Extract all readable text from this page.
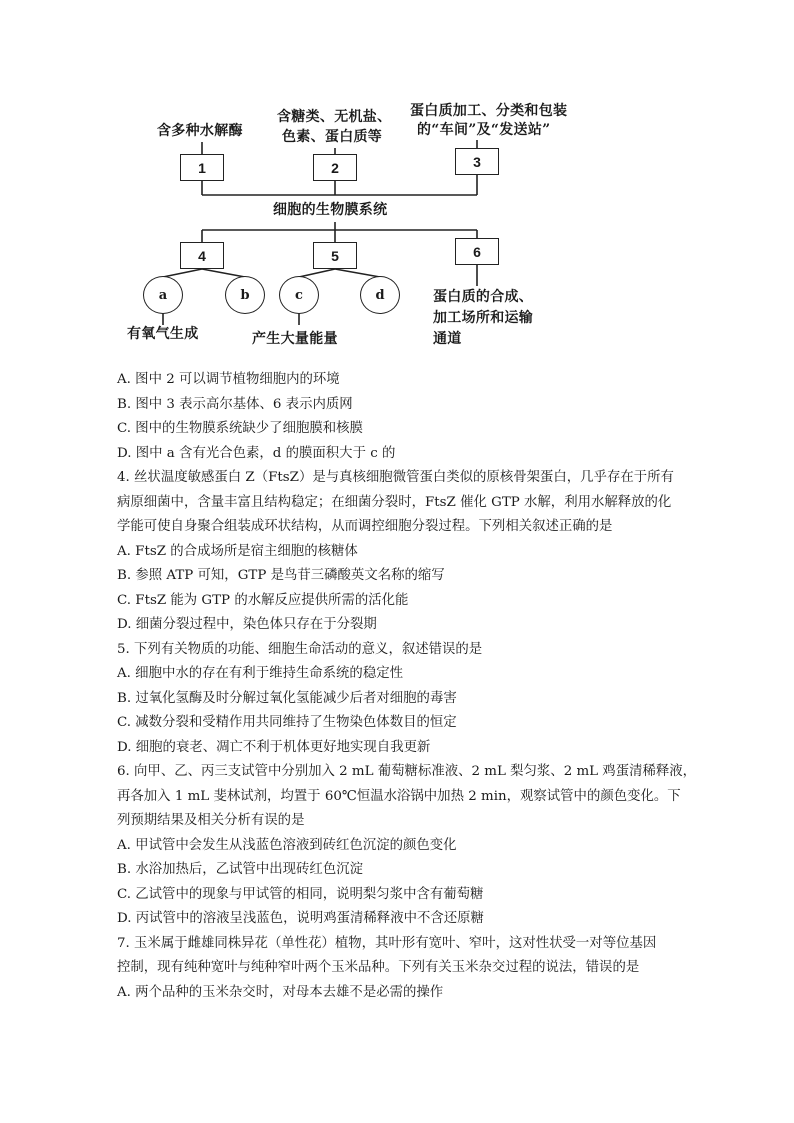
含多种水解酶
含糖类、无机盐、
色素、蛋白质等
蛋白质加工、分类和包装
的“车间”及“发送站”
1	2	3
细胞的生物膜系统
4	5	6
a	b	c	d
有氧气生成	产生大量能量
蛋白质的合成、
加工场所和运输
通道
A. 图中 2 可以调节植物细胞内的环境
B. 图中 3 表示高尔基体、6 表示内质网
C. 图中的生物膜系统缺少了细胞膜和核膜
D. 图中 a 含有光合色素，d 的膜面积大于 c 的
4. 丝状温度敏感蛋白 Z（FtsZ）是与真核细胞微管蛋白类似的原核骨架蛋白，几乎存在于所有
病原细菌中，含量丰富且结构稳定；在细菌分裂时，FtsZ 催化 GTP 水解，利用水解释放的化
学能可使自身聚合组装成环状结构，从而调控细胞分裂过程。下列相关叙述正确的是
A. FtsZ 的合成场所是宿主细胞的核糖体
B. 参照 ATP 可知，GTP 是鸟苷三磷酸英文名称的缩写
C. FtsZ 能为 GTP 的水解反应提供所需的活化能
D. 细菌分裂过程中，染色体只存在于分裂期
5. 下列有关物质的功能、细胞生命活动的意义，叙述错误的是
A. 细胞中水的存在有利于维持生命系统的稳定性
B. 过氧化氢酶及时分解过氧化氢能减少后者对细胞的毒害
C. 减数分裂和受精作用共同维持了生物染色体数目的恒定
D. 细胞的衰老、凋亡不利于机体更好地实现自我更新
6. 向甲、乙、丙三支试管中分别加入 2 mL 葡萄糖标准液、2 mL 梨匀浆、2 mL 鸡蛋清稀释液，
再各加入 1 mL 斐林试剂，均置于 60℃恒温水浴锅中加热 2 min，观察试管中的颜色变化。下
列预期结果及相关分析有误的是
A. 甲试管中会发生从浅蓝色溶液到砖红色沉淀的颜色变化
B. 水浴加热后，乙试管中出现砖红色沉淀
C. 乙试管中的现象与甲试管的相同，说明梨匀浆中含有葡萄糖
D. 丙试管中的溶液呈浅蓝色，说明鸡蛋清稀释液中不含还原糖
7. 玉米属于雌雄同株异花（单性花）植物，其叶形有宽叶、窄叶，这对性状受一对等位基因
控制，现有纯种宽叶与纯种窄叶两个玉米品种。下列有关玉米杂交过程的说法，错误的是
A. 两个品种的玉米杂交时，对母本去雄不是必需的操作
